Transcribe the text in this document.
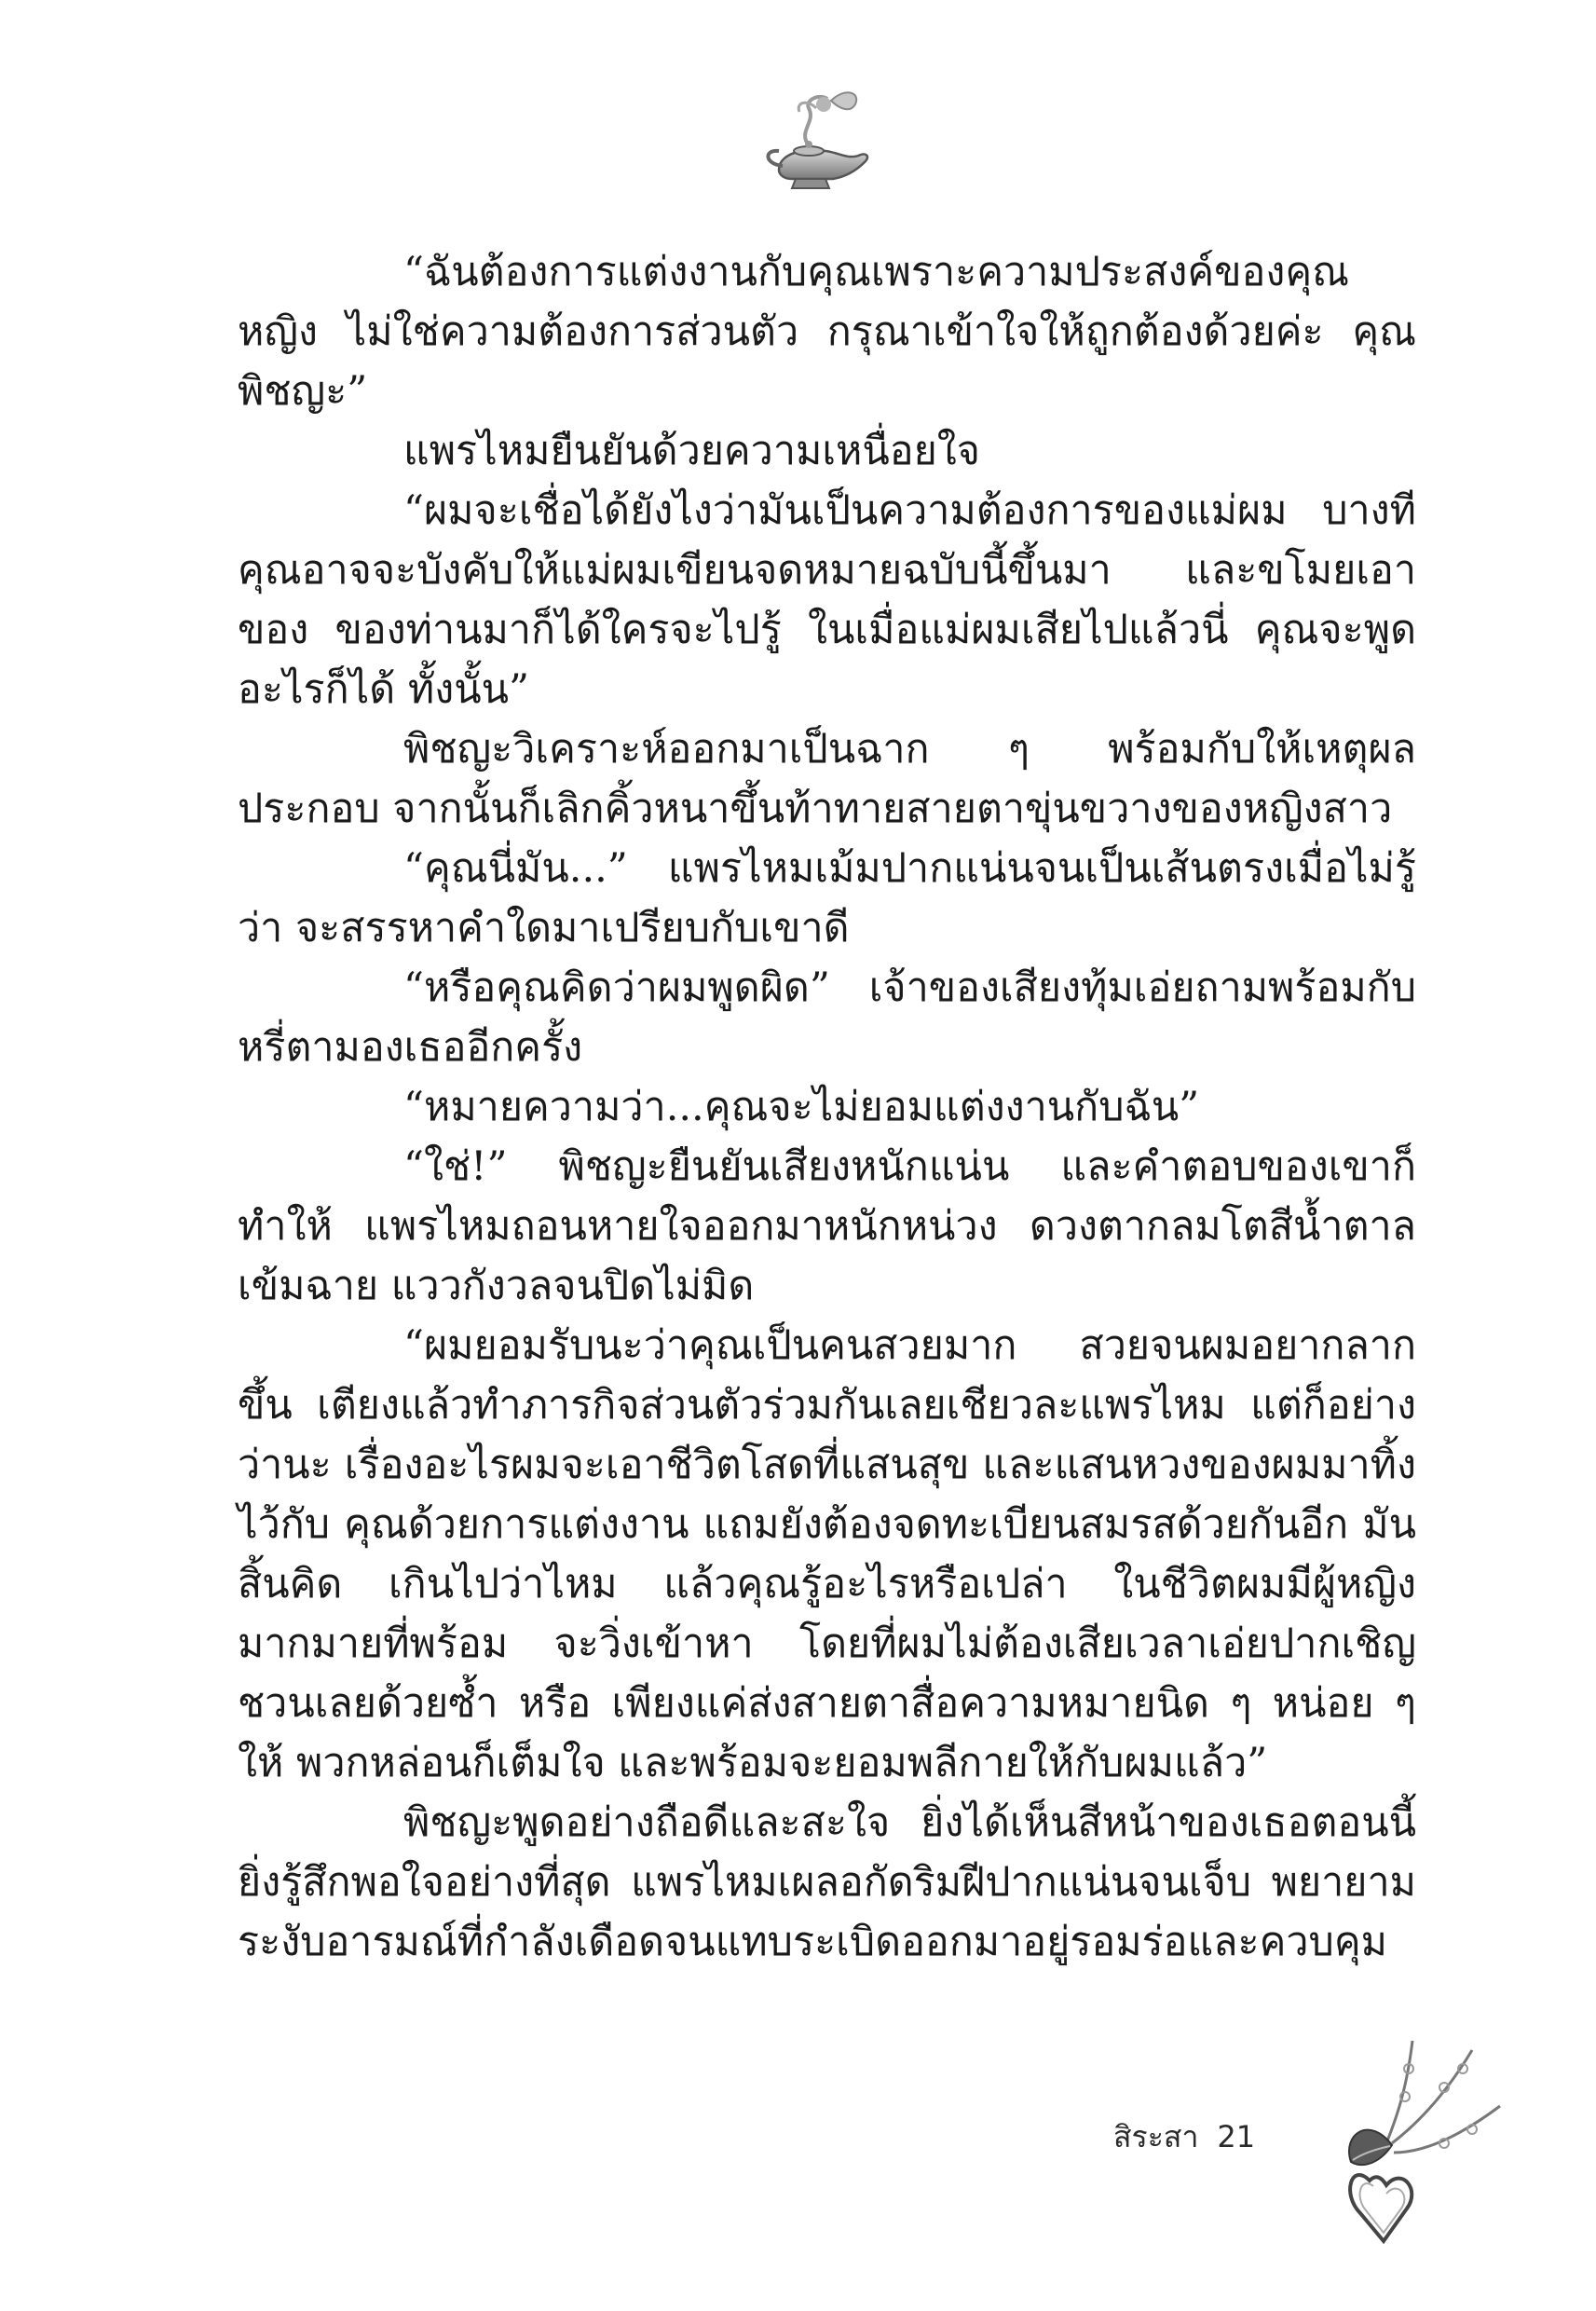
“ฉันต้องการแต่งงานกับคุณเพราะความประสงค์ของคุณหญิง ไม่ใช่ความต้องการส่วนตัว กรุณาเข้าใจให้ถูกต้องด้วยค่ะ คุณพิชญะ”

แพรไหมยืนยันด้วยความเหนื่อยใจ

“ผมจะเชื่อได้ยังไงว่ามันเป็นความต้องการของแม่ผม บางที คุณอาจจะบังคับให้แม่ผมเขียนจดหมายฉบับนี้ขึ้นมา และขโมยเอาของ ของท่านมาก็ได้ใครจะไปรู้ ในเมื่อแม่ผมเสียไปแล้วนี่ คุณจะพูดอะไรก็ได้ ทั้งนั้น”

พิชญะวิเคราะห์ออกมาเป็นฉาก ๆ พร้อมกับให้เหตุผลประกอบ จากนั้นก็เลิกคิ้วหนาขึ้นท้าทายสายตาขุ่นขวางของหญิงสาว

“คุณนี่มัน...” แพรไหมเม้มปากแน่นจนเป็นเส้นตรงเมื่อไม่รู้ว่า จะสรรหาคำใดมาเปรียบกับเขาดี

“หรือคุณคิดว่าผมพูดผิด” เจ้าของเสียงทุ้มเอ่ยถามพร้อมกับ หรี่ตามองเธออีกครั้ง

“หมายความว่า...คุณจะไม่ยอมแต่งงานกับฉัน”

“ใช่!” พิชญะยืนยันเสียงหนักแน่น และคำตอบของเขาก็ทำให้ แพรไหมถอนหายใจออกมาหนักหน่วง ดวงตากลมโตสีน้ำตาลเข้มฉาย แววกังวลจนปิดไม่มิด

“ผมยอมรับนะว่าคุณเป็นคนสวยมาก สวยจนผมอยากลากขึ้น เตียงแล้วทำภารกิจส่วนตัวร่วมกันเลยเชียวละแพรไหม แต่ก็อย่างว่านะ เรื่องอะไรผมจะเอาชีวิตโสดที่แสนสุข และแสนหวงของผมมาทิ้งไว้กับ คุณด้วยการแต่งงาน แถมยังต้องจดทะเบียนสมรสด้วยกันอีก มันสิ้นคิด เกินไปว่าไหม แล้วคุณรู้อะไรหรือเปล่า ในชีวิตผมมีผู้หญิงมากมายที่พร้อม จะวิ่งเข้าหา โดยที่ผมไม่ต้องเสียเวลาเอ่ยปากเชิญชวนเลยด้วยซ้ำ หรือ เพียงแค่ส่งสายตาสื่อความหมายนิด ๆ หน่อย ๆ ให้ พวกหล่อนก็เต็มใจ และพร้อมจะยอมพลีกายให้กับผมแล้ว”

พิชญะพูดอย่างถือดีและสะใจ ยิ่งได้เห็นสีหน้าของเธอตอนนี้ ยิ่งรู้สึกพอใจอย่างที่สุด แพรไหมเผลอกัดริมฝีปากแน่นจนเจ็บ พยายาม ระงับอารมณ์ที่กำลังเดือดจนแทบระเบิดออกมาอยู่รอมร่อและควบคุม

สิระสา 21
